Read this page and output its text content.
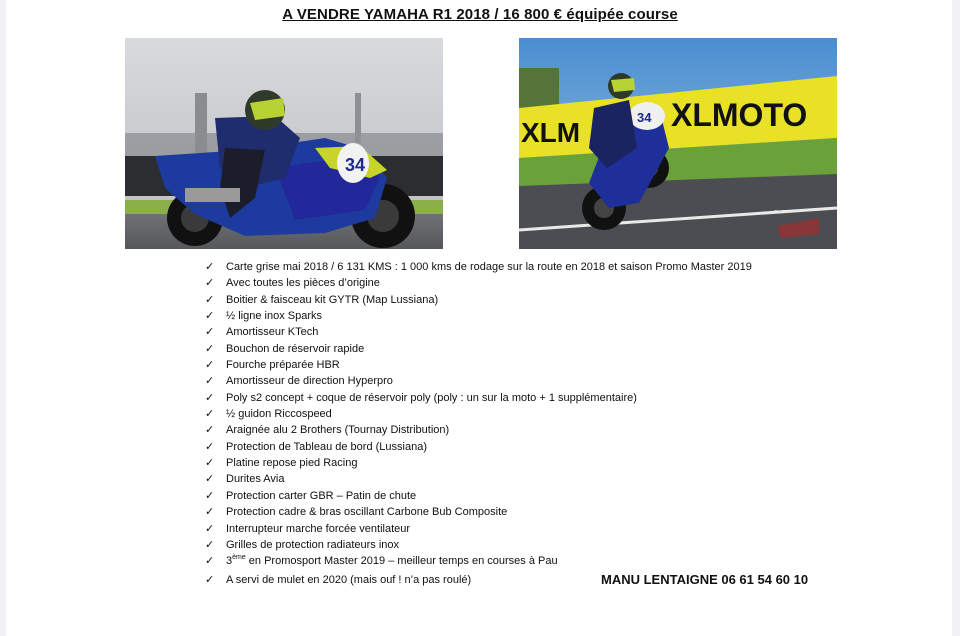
A VENDRE YAMAHA R1 2018 / 16 800 € équipée course
34
XLMOTO
XLM	34
~ ~
✓ Carte grise mai 2018 / 6 131 KMS : 1 000 kms de rodage sur la route en 2018 et saison Promo Master 2019
✓ Avec toutes les pièces d’origine
✓ Boitier & faisceau kit GYTR (Map Lussiana)
✓ ½ ligne inox Sparks
✓ Amortisseur KTech
✓ Bouchon de réservoir rapide
✓ Fourche préparée HBR
✓ Amortisseur de direction Hyperpro
✓ Poly s2 concept + coque de réservoir poly (poly : un sur la moto + 1 supplémentaire)
✓ ½ guidon Riccospeed
✓ Araignée alu 2 Brothers (Tournay Distribution)
✓ Protection de Tableau de bord (Lussiana)
✓ Platine repose pied Racing
✓ Durites Avia
✓ Protection carter GBR – Patin de chute
✓ Protection cadre & bras oscillant Carbone Bub Composite
✓ Interrupteur marche forcée ventilateur
✓ Grilles de protection radiateurs inox
✓ 3ème en Promosport Master 2019 – meilleur temps en courses à Pau
✓ A servi de mulet en 2020 (mais ouf ! n’a pas roulé)	MANU LENTAIGNE 06 61 54 60 10
